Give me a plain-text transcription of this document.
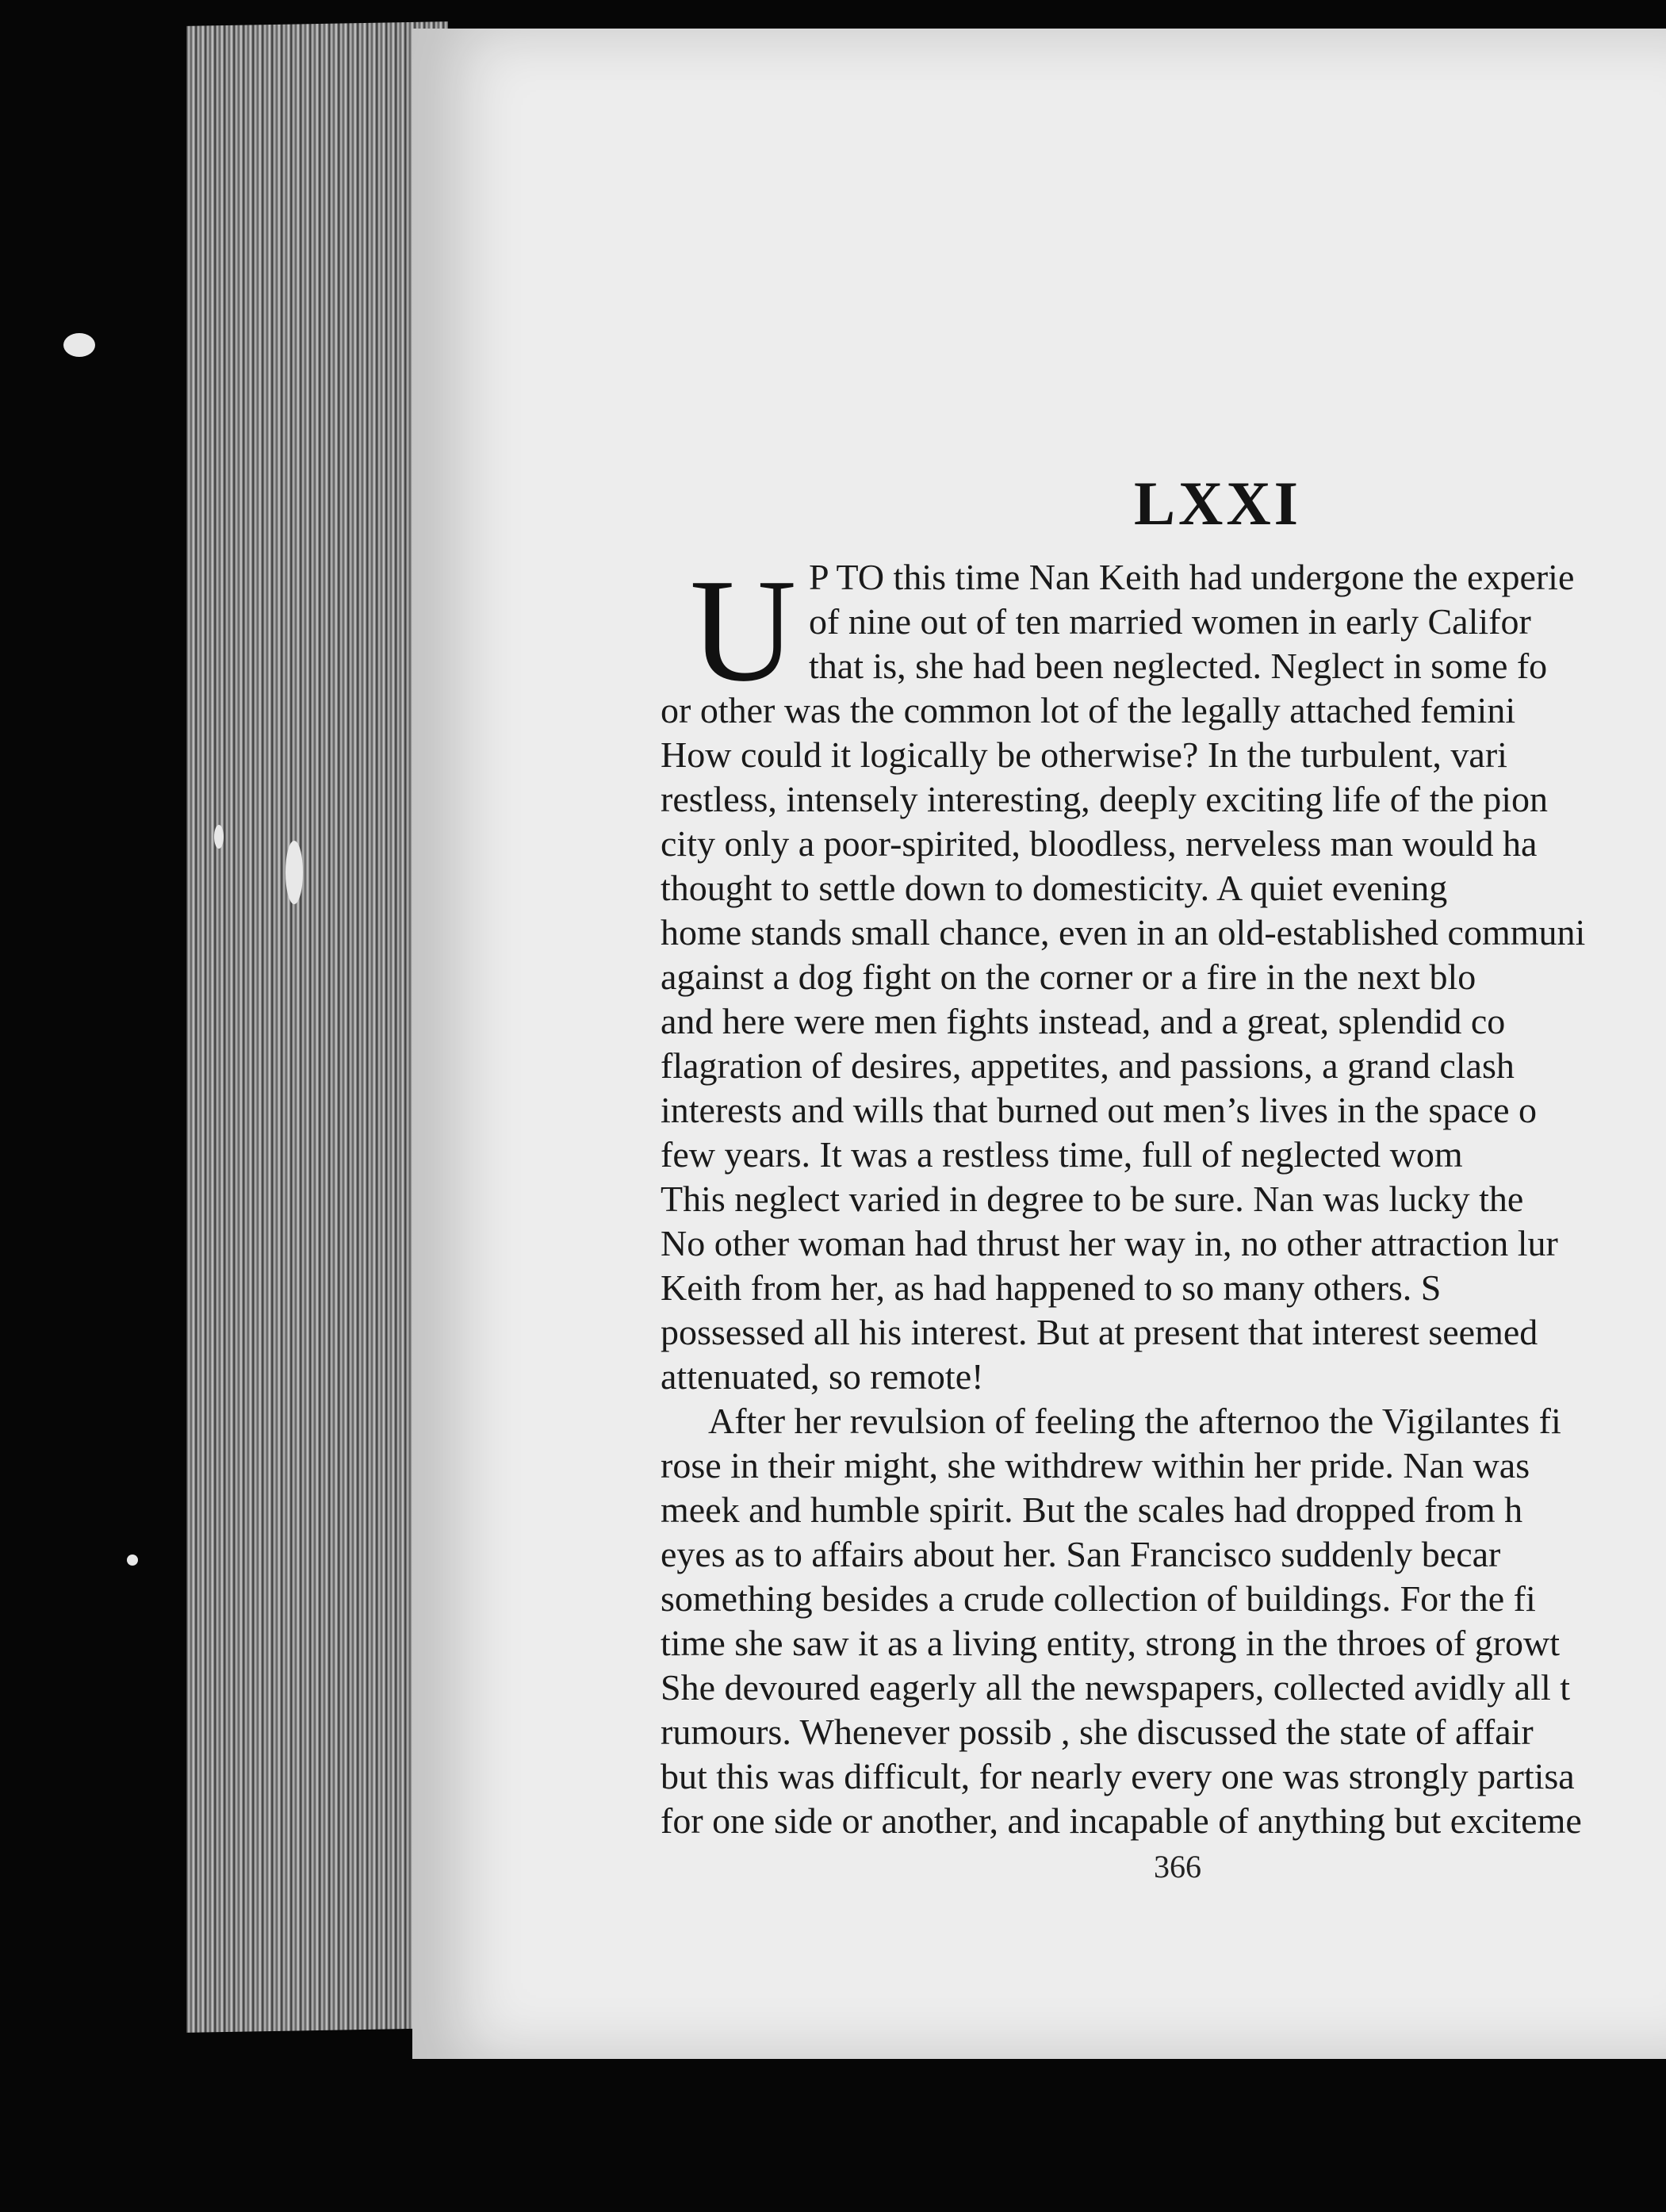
LXXI
U P TO this time Nan Keith had undergone the experie

of nine out of ten married women in early Califor

that is, she had been neglected. Neglect in some fo

or other was the common lot of the legally attached femini

How could it logically be otherwise? In the turbulent, vari

restless, intensely interesting, deeply exciting life of the pion

city only a poor-spirited, bloodless, nerveless man would ha

thought to settle down to domesticity. A quiet evening

home stands small chance, even in an old-established communi

against a dog fight on the corner or a fire in the next blo

and here were men fights instead, and a great, splendid co

flagration of desires, appetites, and passions, a grand clash

interests and wills that burned out men’s lives in the space o

few years. It was a restless time, full of neglected wom

This neglect varied in degree to be sure. Nan was lucky the

No other woman had thrust her way in, no other attraction lur

Keith from her, as had happened to so many others. S

possessed all his interest. But at present that interest seemed

attenuated, so remote!

After her revulsion of feeling the afternoo the Vigilantes fi

rose in their might, she withdrew within her pride. Nan was

meek and humble spirit. But the scales had dropped from h

eyes as to affairs about her. San Francisco suddenly becar

something besides a crude collection of buildings. For the fi

time she saw it as a living entity, strong in the throes of growt

She devoured eagerly all the newspapers, collected avidly all t

rumours. Whenever possib , she discussed the state of affair

but this was difficult, for nearly every one was strongly partisa

for one side or another, and incapable of anything but exciteme

366
